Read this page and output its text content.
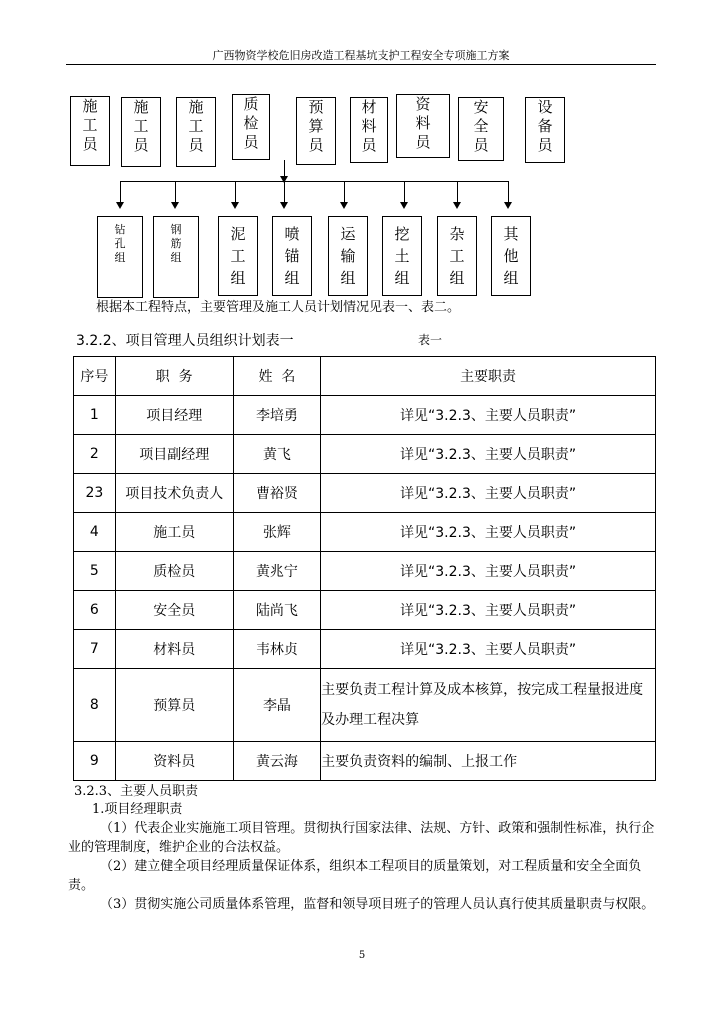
广西物资学校危旧房改造工程基坑支护工程安全专项施工方案
施
工
员
施
工
员
施
工
员
质
检
员
预
算
员
材
料
员
资
料
员
安
全
员
设
备
员
钻
孔
组
钢
筋
组
泥
工
组
喷
锚
组
运
输
组
挖
土
组
杂
工
组
其
他
组
根据本工程特点，主要管理及施工人员计划情况见表一、表二。
3.2.2、项目管理人员组织计划表一	表一
序号	职  务	姓  名	主要职责
1	项目经理	李培勇	详见“3.2.3、主要人员职责”
2	项目副经理	黄飞	详见“3.2.3、主要人员职责”
23	项目技术负责人	曹裕贤	详见“3.2.3、主要人员职责”
4	施工员	张辉	详见“3.2.3、主要人员职责”
5	质检员	黄兆宁	详见“3.2.3、主要人员职责”
6	安全员	陆尚飞	详见“3.2.3、主要人员职责”
7	材料员	韦林贞	详见“3.2.3、主要人员职责”
8	预算员	李晶	主要负责工程计算及成本核算，按完成工程量报进度及办理工程决算
9	资料员	黄云海	主要负责资料的编制、上报工作
3.2.3、主要人员职责
1.项目经理职责
（1）代表企业实施施工项目管理。贯彻执行国家法律、法规、方针、政策和强制性标准，执行企业的管理制度，维护企业的合法权益。
（2）建立健全项目经理质量保证体系，组织本工程项目的质量策划，对工程质量和安全全面负责。
（3）贯彻实施公司质量体系管理，监督和领导项目班子的管理人员认真行使其质量职责与权限。
5
